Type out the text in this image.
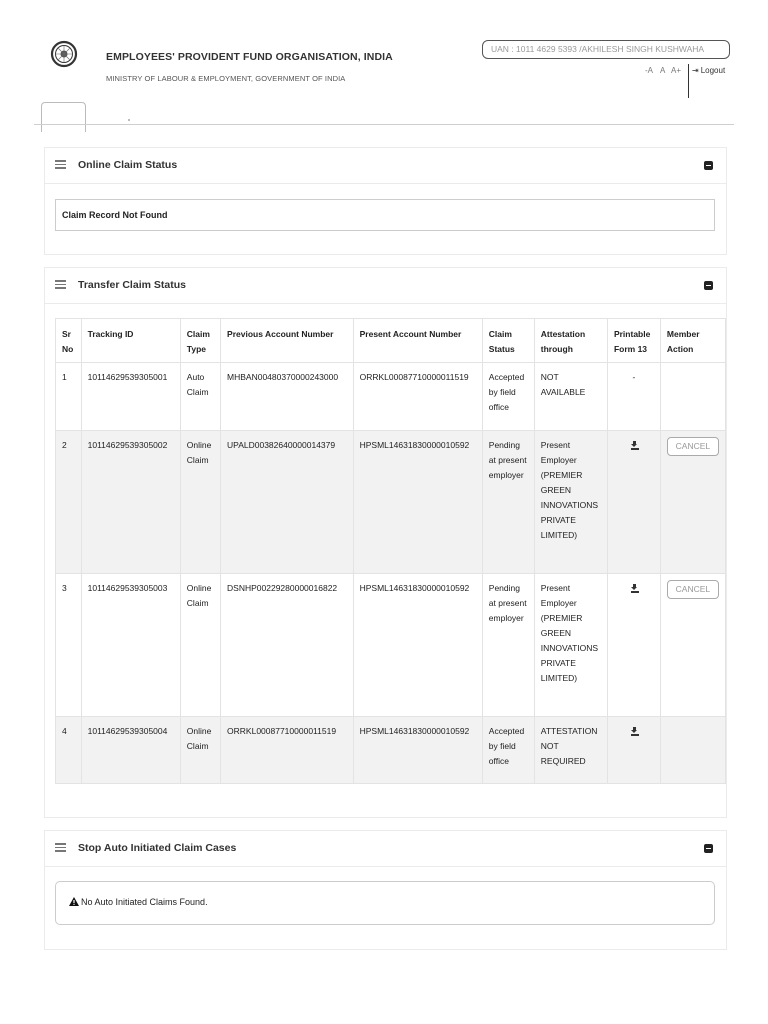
EMPLOYEES' PROVIDENT FUND ORGANISATION, INDIA
MINISTRY OF LABOUR & EMPLOYMENT, GOVERNMENT OF INDIA
UAN : 1011 4629 5393 /AKHILESH SINGH KUSHWAHA
-A A A+ ⇥ Logout
Online Claim Status
Claim Record Not Found
Transfer Claim Status
Sr No	Tracking ID	Claim Type	Previous Account Number	Present Account Number	Claim Status	Attestation through	Printable Form 13	Member Action
1	10114629539305001	Auto Claim	MHBAN00480370000243000	ORRKL00087710000011519	Accepted by field office	NOT AVAILABLE	-	
2	10114629539305002	Online Claim	UPALD00382640000014379	HPSML14631830000010592	Pending at present employer	Present Employer (PREMIER GREEN INNOVATIONS PRIVATE LIMITED)		CANCEL
3	10114629539305003	Online Claim	DSNHP00229280000016822	HPSML14631830000010592	Pending at present employer	Present Employer (PREMIER GREEN INNOVATIONS PRIVATE LIMITED)		CANCEL
4	10114629539305004	Online Claim	ORRKL00087710000011519	HPSML14631830000010592	Accepted by field office	ATTESTATION NOT REQUIRED	

Stop Auto Initiated Claim Cases
No Auto Initiated Claims Found.
